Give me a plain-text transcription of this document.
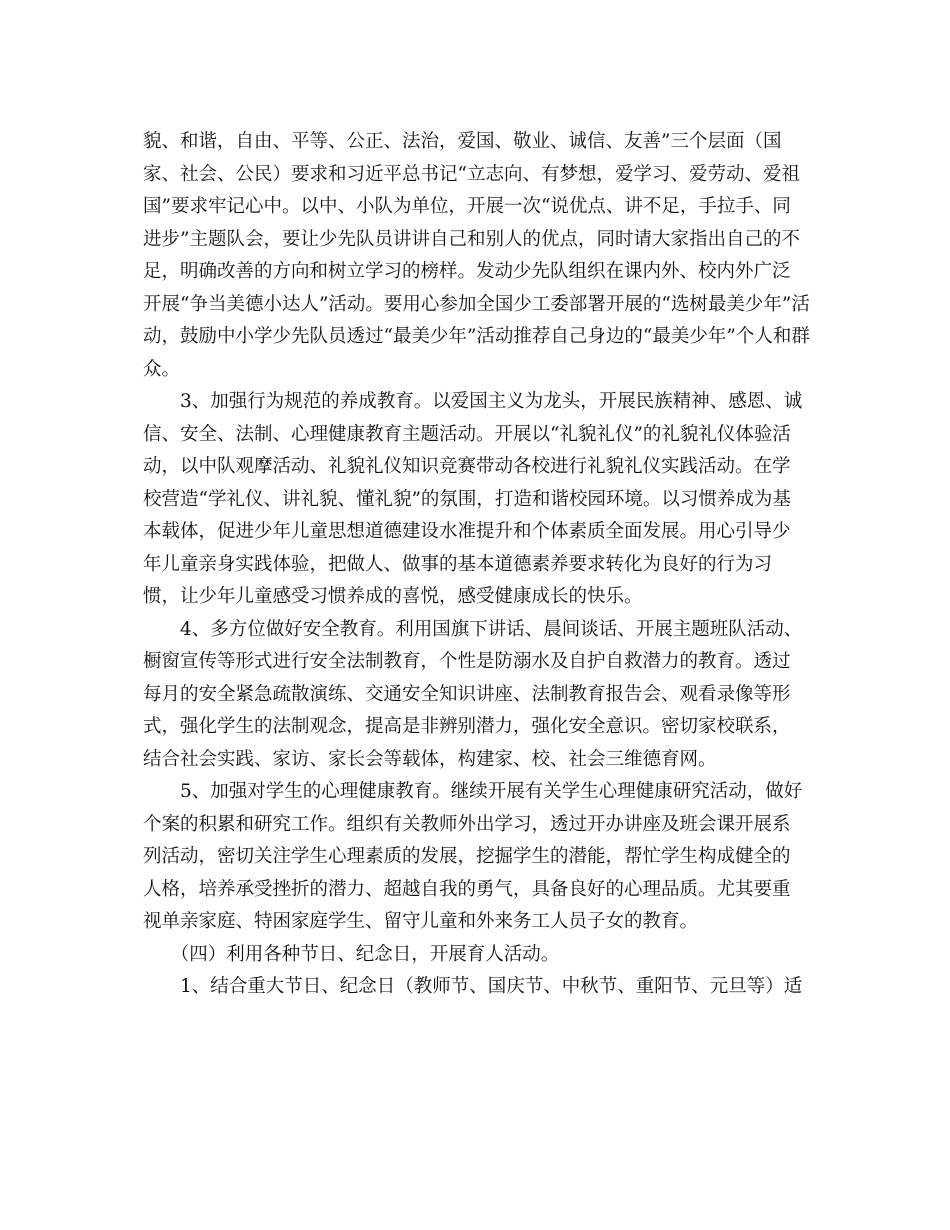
貌、和谐，自由、平等、公正、法治，爱国、敬业、诚信、友善”三个层面（国
家、社会、公民）要求和习近平总书记“立志向、有梦想，爱学习、爱劳动、爱祖
国”要求牢记心中。以中、小队为单位，开展一次“说优点、讲不足，手拉手、同
进步”主题队会，要让少先队员讲讲自己和别人的优点，同时请大家指出自己的不
足，明确改善的方向和树立学习的榜样。发动少先队组织在课内外、校内外广泛
开展“争当美德小达人”活动。要用心参加全国少工委部署开展的“选树最美少年”活
动，鼓励中小学少先队员透过“最美少年”活动推荐自己身边的“最美少年”个人和群
众。
　　3、加强行为规范的养成教育。以爱国主义为龙头，开展民族精神、感恩、诚
信、安全、法制、心理健康教育主题活动。开展以“礼貌礼仪”的礼貌礼仪体验活
动，以中队观摩活动、礼貌礼仪知识竞赛带动各校进行礼貌礼仪实践活动。在学
校营造“学礼仪、讲礼貌、懂礼貌”的氛围，打造和谐校园环境。以习惯养成为基
本载体，促进少年儿童思想道德建设水准提升和个体素质全面发展。用心引导少
年儿童亲身实践体验，把做人、做事的基本道德素养要求转化为良好的行为习
惯，让少年儿童感受习惯养成的喜悦，感受健康成长的快乐。
　　4、多方位做好安全教育。利用国旗下讲话、晨间谈话、开展主题班队活动、
橱窗宣传等形式进行安全法制教育，个性是防溺水及自护自救潜力的教育。透过
每月的安全紧急疏散演练、交通安全知识讲座、法制教育报告会、观看录像等形
式，强化学生的法制观念，提高是非辨别潜力，强化安全意识。密切家校联系，
结合社会实践、家访、家长会等载体，构建家、校、社会三维德育网。
　　5、加强对学生的心理健康教育。继续开展有关学生心理健康研究活动，做好
个案的积累和研究工作。组织有关教师外出学习，透过开办讲座及班会课开展系
列活动，密切关注学生心理素质的发展，挖掘学生的潜能，帮忙学生构成健全的
人格，培养承受挫折的潜力、超越自我的勇气，具备良好的心理品质。尤其要重
视单亲家庭、特困家庭学生、留守儿童和外来务工人员子女的教育。
　　（四）利用各种节日、纪念日，开展育人活动。
　　1、结合重大节日、纪念日（教师节、国庆节、中秋节、重阳节、元旦等）适
